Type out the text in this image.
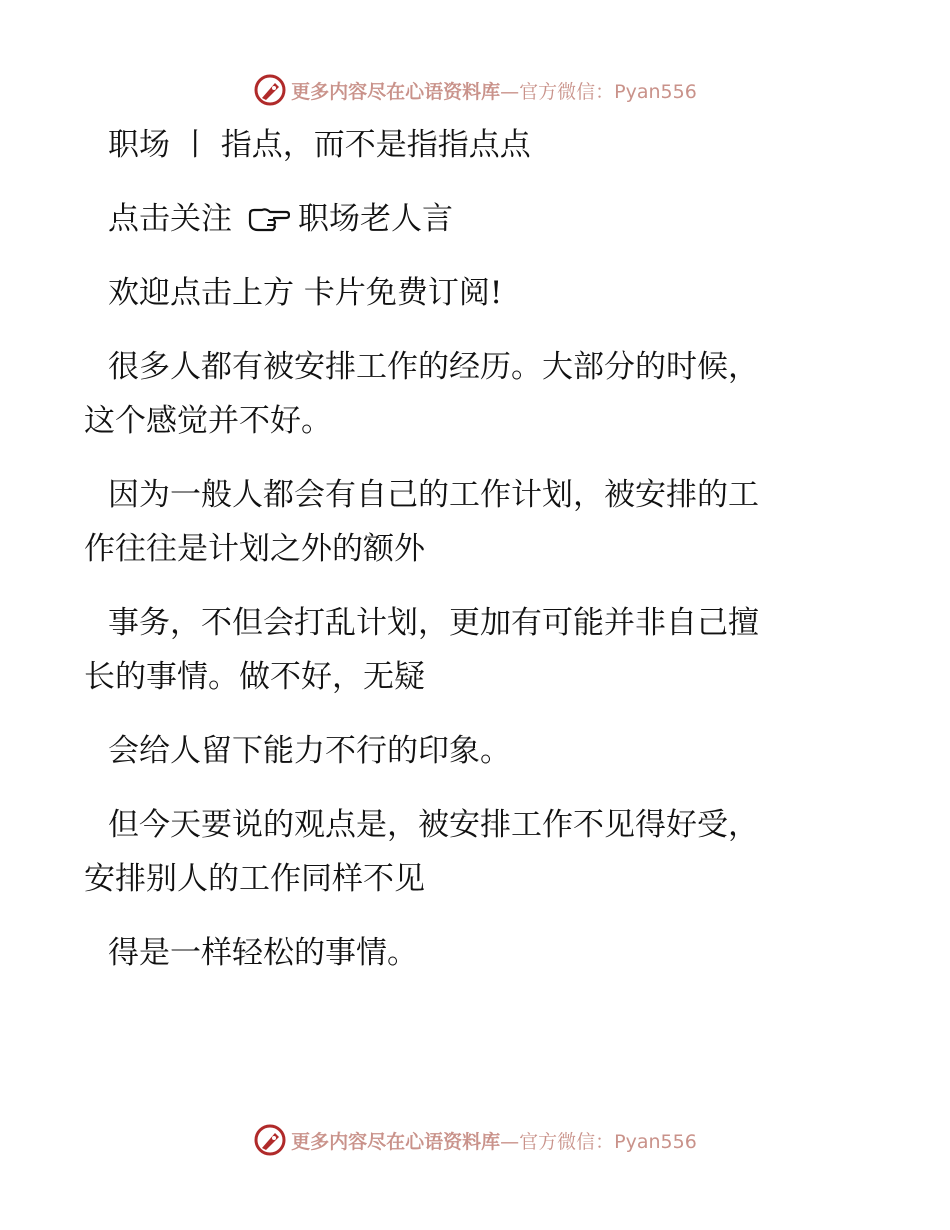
更多内容尽在心语资料库 —官方微信：Pyan556

职场 丨 指点，而不是指指点点

点击关注 职场老人言

欢迎点击上方 卡片免费订阅!

很多人都有被安排工作的经历。大部分的时候，
这个感觉并不好。

因为一般人都会有自己的工作计划，被安排的工
作往往是计划之外的额外

事务，不但会打乱计划，更加有可能并非自己擅
长的事情。做不好，无疑

会给人留下能力不行的印象。

但今天要说的观点是，被安排工作不见得好受，
安排别人的工作同样不见

得是一样轻松的事情。

更多内容尽在心语资料库 —官方微信：Pyan556
